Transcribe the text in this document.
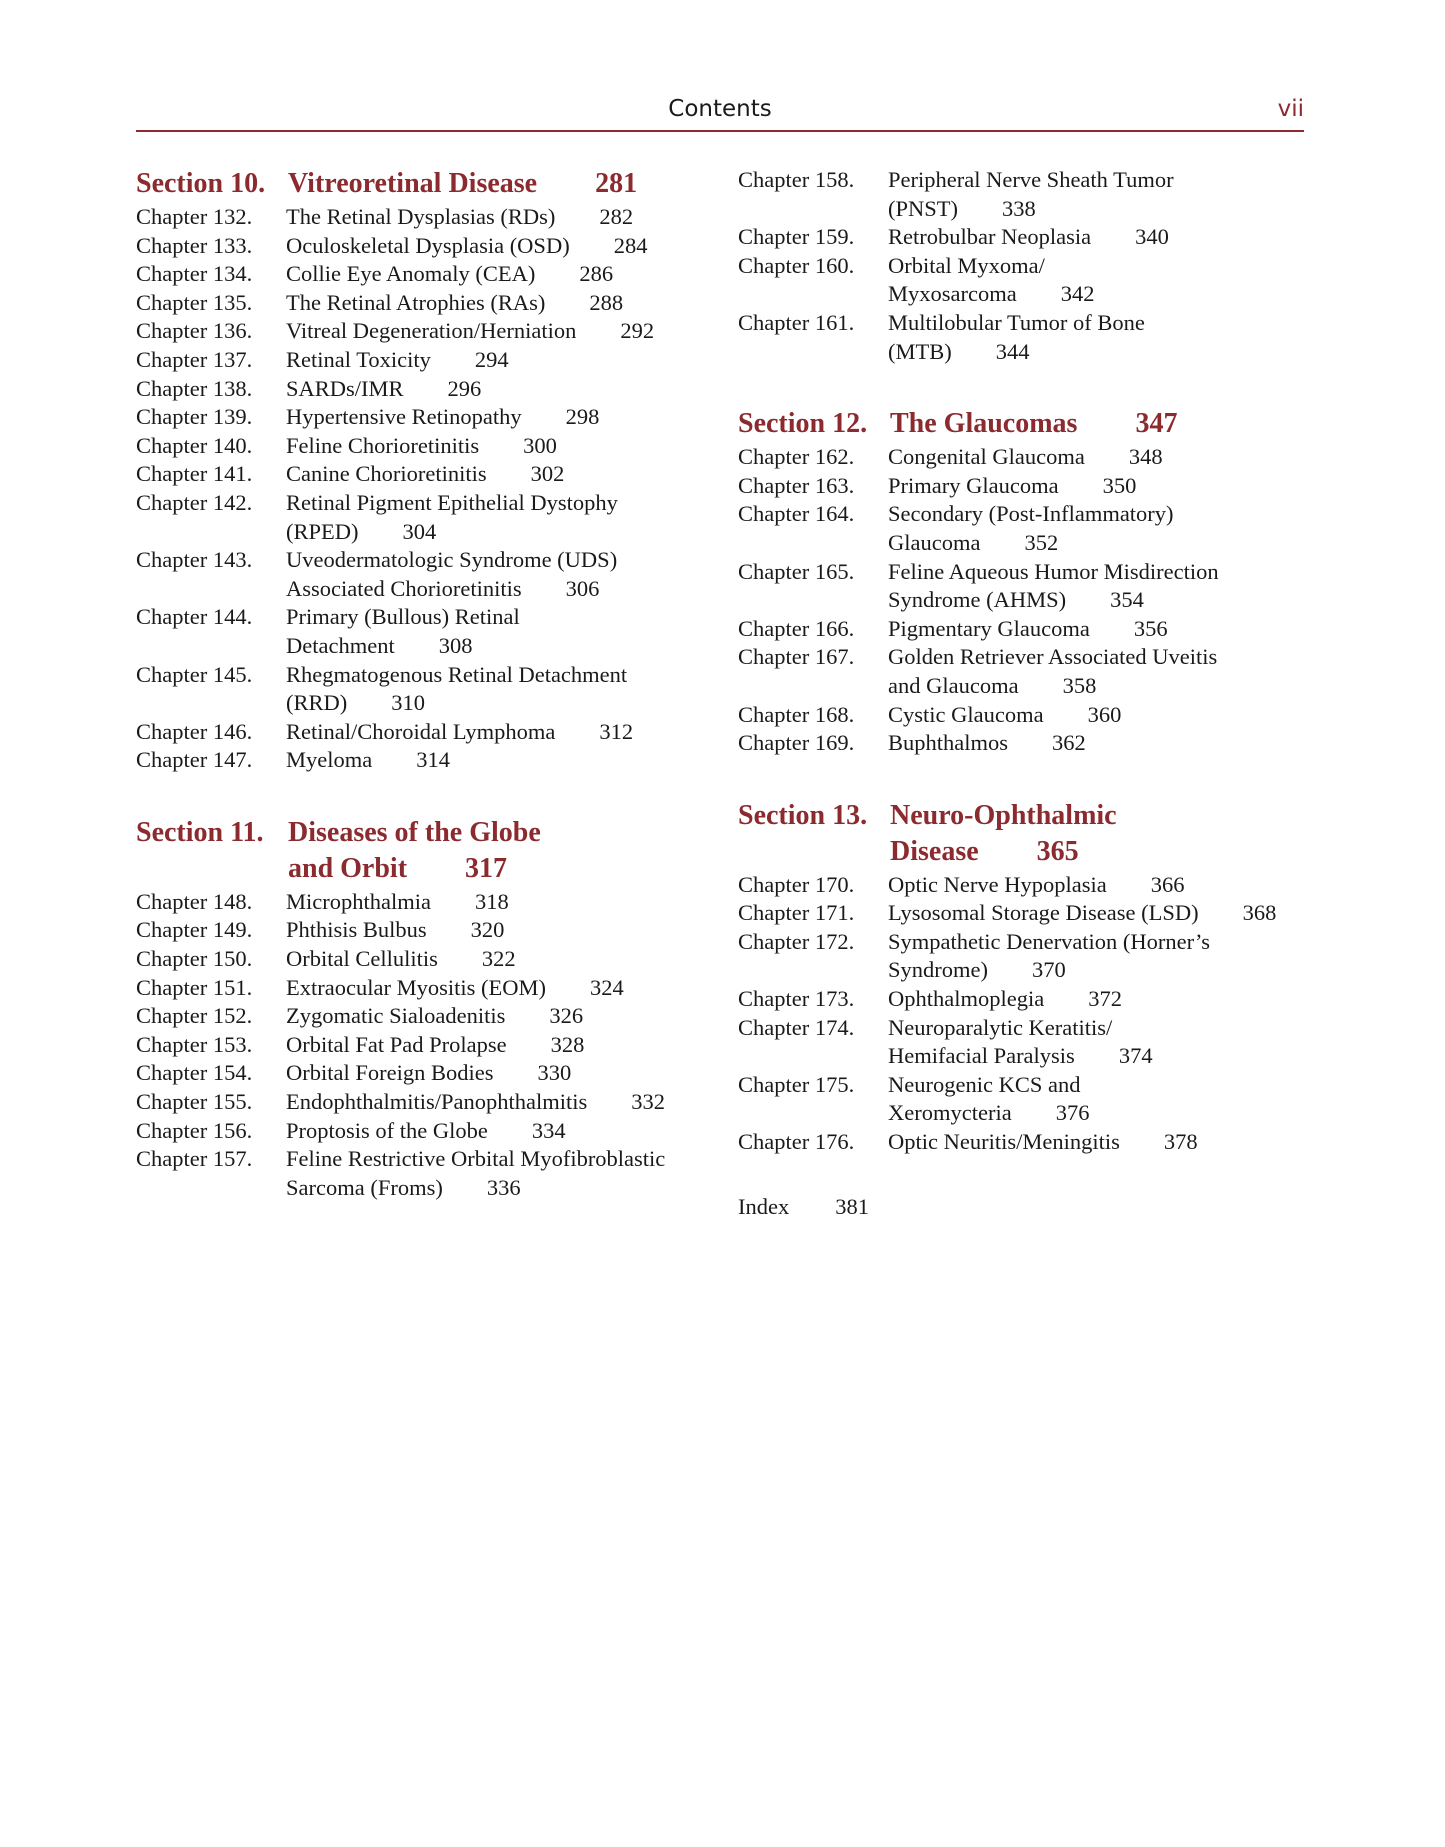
Contents	vii
Section 10. Vitreoretinal Disease 281
Chapter 132.	The Retinal Dysplasias (RDs) 282
Chapter 133.	Oculoskeletal Dysplasia (OSD) 284
Chapter 134.	Collie Eye Anomaly (CEA) 286
Chapter 135.	The Retinal Atrophies (RAs) 288
Chapter 136.	Vitreal Degeneration/Herniation 292
Chapter 137.	Retinal Toxicity 294
Chapter 138.	SARDs/IMR 296
Chapter 139.	Hypertensive Retinopathy 298
Chapter 140.	Feline Chorioretinitis 300
Chapter 141.	Canine Chorioretinitis 302
Chapter 142.	Retinal Pigment Epithelial Dystophy
(RPED) 304
Chapter 143.	Uveodermatologic Syndrome (UDS)
Associated Chorioretinitis 306
Chapter 144.	Primary (Bullous) Retinal
Detachment 308
Chapter 145.	Rhegmatogenous Retinal Detachment
(RRD) 310
Chapter 146.	Retinal/Choroidal Lymphoma 312
Chapter 147.	Myeloma 314
Section 11. Diseases of the Globe
and Orbit 317
Chapter 148.	Microphthalmia 318
Chapter 149.	Phthisis Bulbus 320
Chapter 150.	Orbital Cellulitis 322
Chapter 151.	Extraocular Myositis (EOM) 324
Chapter 152.	Zygomatic Sialoadenitis 326
Chapter 153.	Orbital Fat Pad Prolapse 328
Chapter 154.	Orbital Foreign Bodies 330
Chapter 155.	Endophthalmitis/Panophthalmitis 332
Chapter 156.	Proptosis of the Globe 334
Chapter 157.	Feline Restrictive Orbital Myofibroblastic
Sarcoma (Froms) 336
Chapter 158.	Peripheral Nerve Sheath Tumor
(PNST) 338
Chapter 159.	Retrobulbar Neoplasia 340
Chapter 160.	Orbital Myxoma/
Myxosarcoma 342
Chapter 161.	Multilobular Tumor of Bone
(MTB) 344
Section 12. The Glaucomas 347
Chapter 162.	Congenital Glaucoma 348
Chapter 163.	Primary Glaucoma 350
Chapter 164.	Secondary (Post-Inflammatory)
Glaucoma 352
Chapter 165.	Feline Aqueous Humor Misdirection
Syndrome (AHMS) 354
Chapter 166.	Pigmentary Glaucoma 356
Chapter 167.	Golden Retriever Associated Uveitis
and Glaucoma 358
Chapter 168.	Cystic Glaucoma 360
Chapter 169.	Buphthalmos 362
Section 13. Neuro-Ophthalmic
Disease 365
Chapter 170.	Optic Nerve Hypoplasia 366
Chapter 171.	Lysosomal Storage Disease (LSD) 368
Chapter 172.	Sympathetic Denervation (Horner’s
Syndrome) 370
Chapter 173.	Ophthalmoplegia 372
Chapter 174.	Neuroparalytic Keratitis/
Hemifacial Paralysis 374
Chapter 175.	Neurogenic KCS and
Xeromycteria 376
Chapter 176.	Optic Neuritis/Meningitis 378
Index 381
